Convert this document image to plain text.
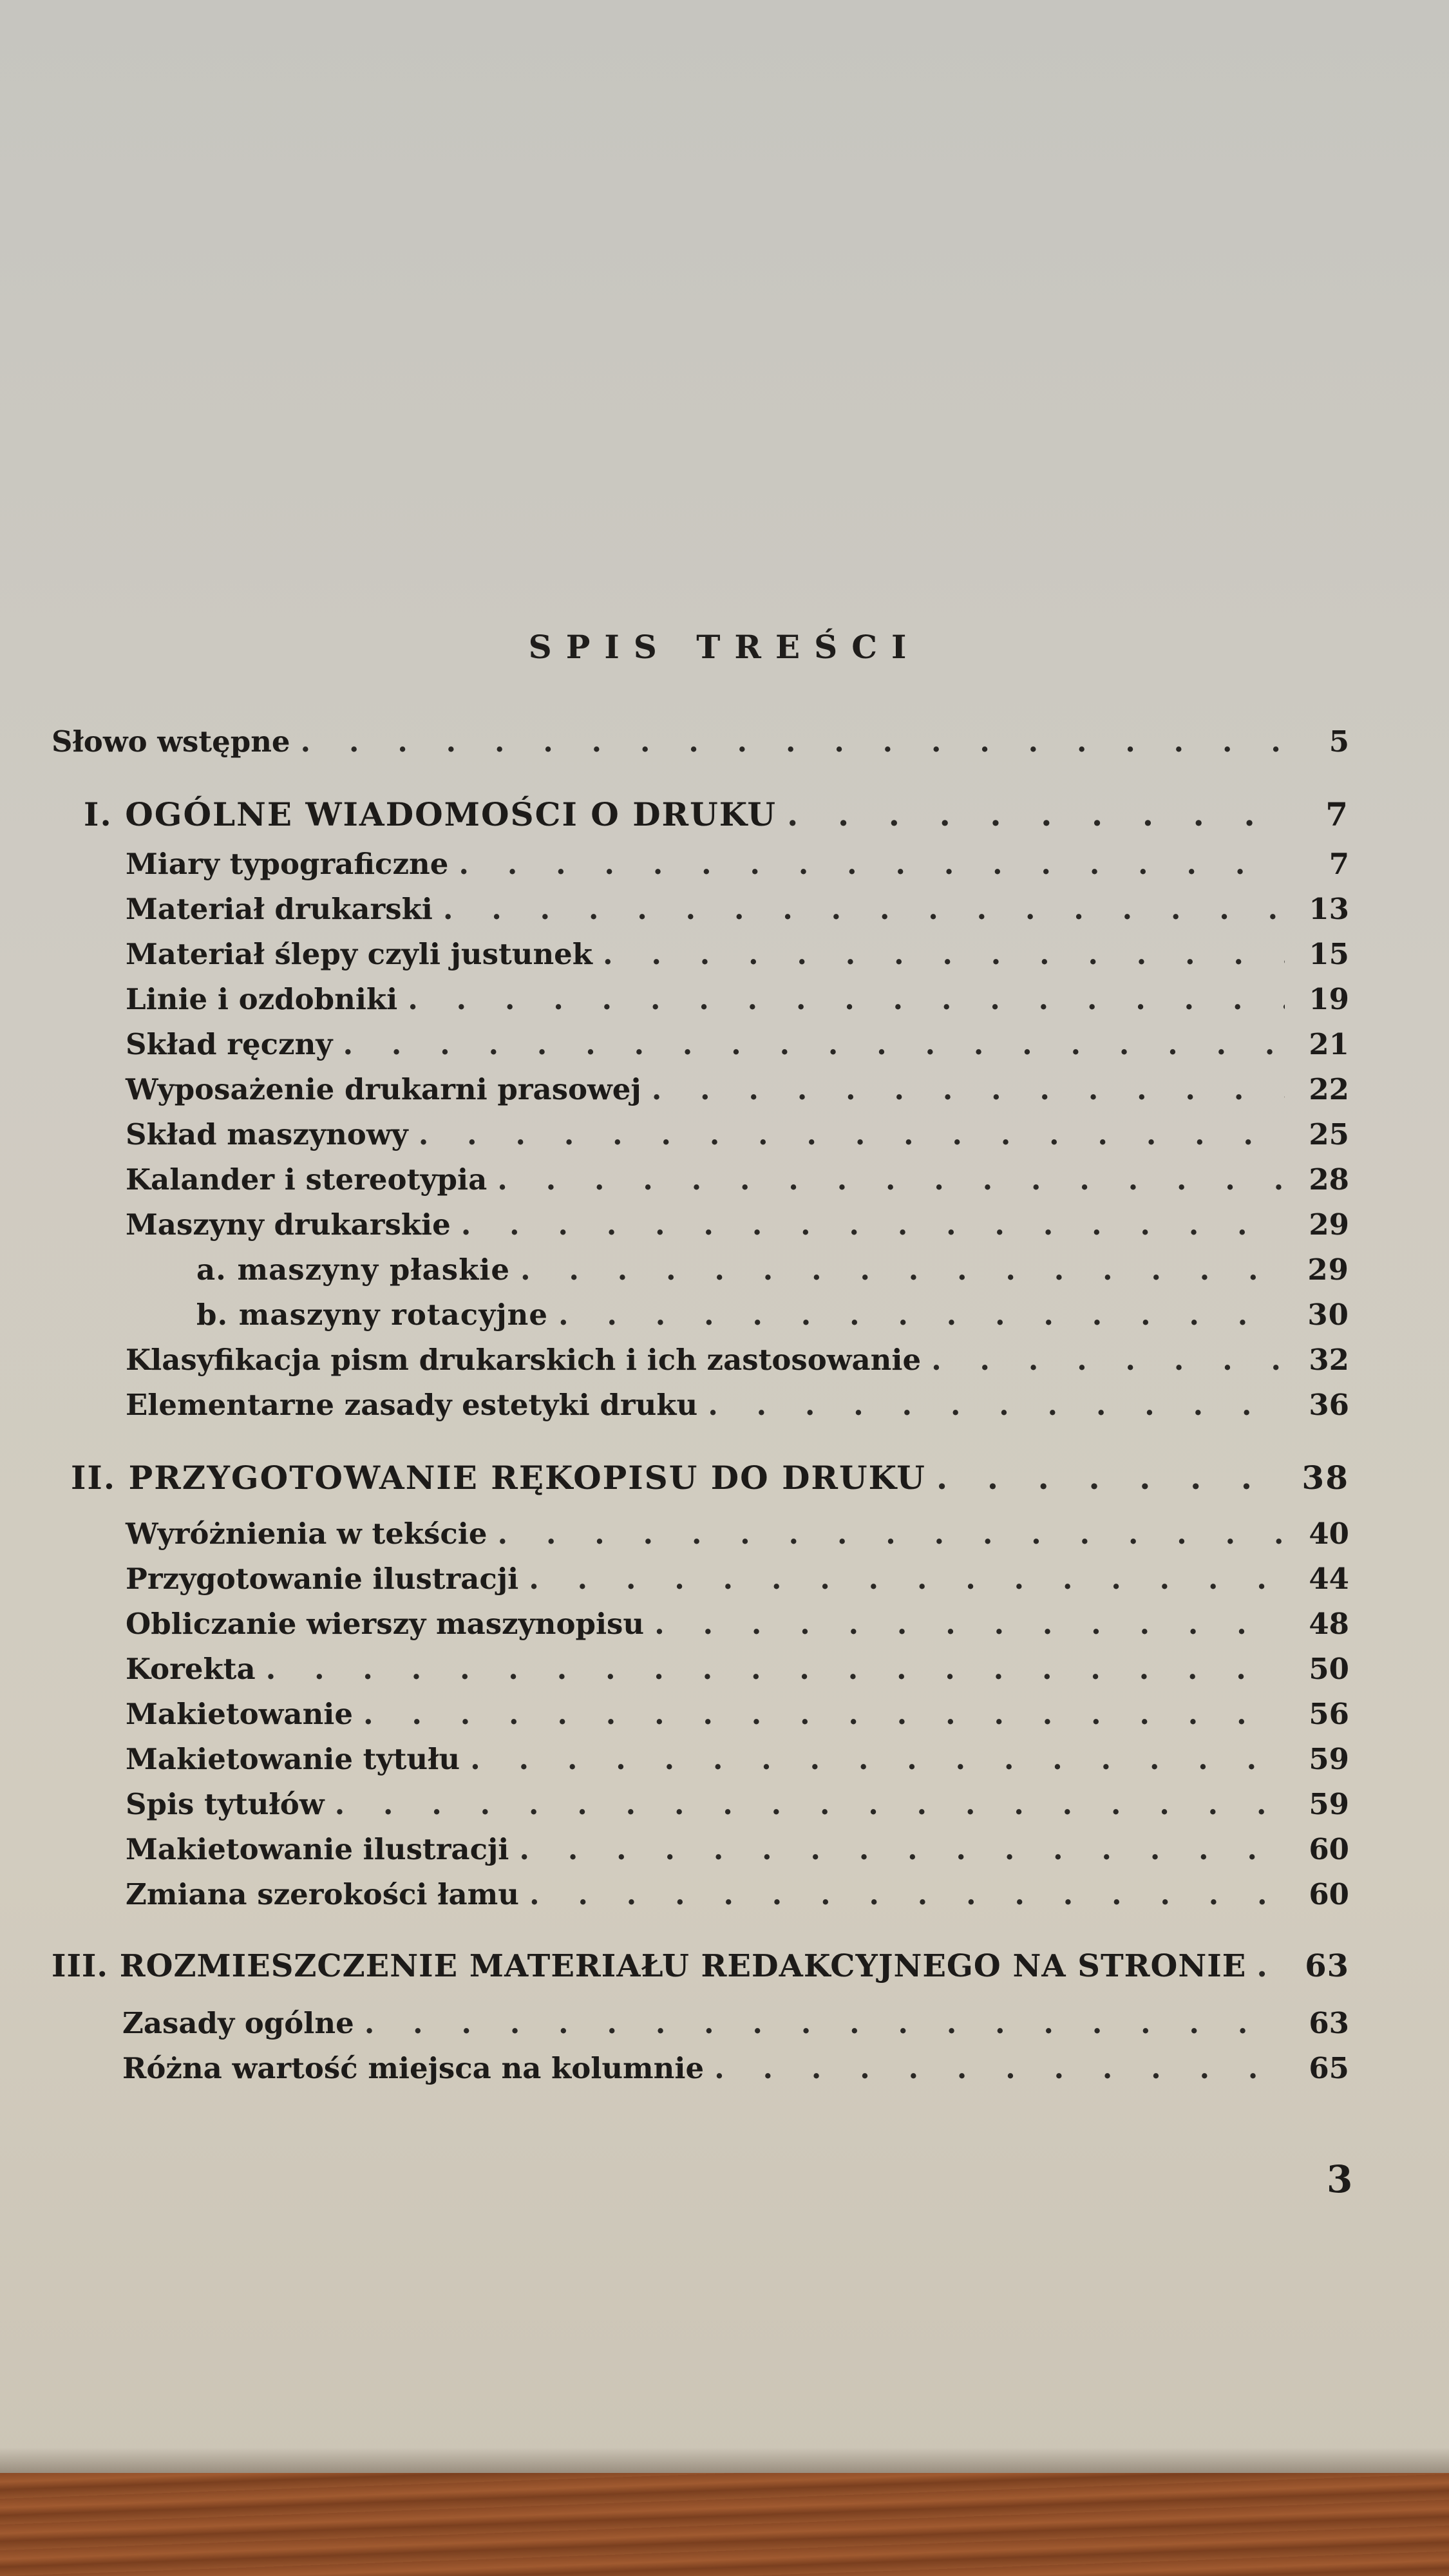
SPIS TREŚCI
Słowo wstępne . . .	5
I. OGÓLNE WIADOMOŚCI O DRUKU . . .	7
Miary typograficzne . . .	7
Materiał drukarski . . .	13
Materiał ślepy czyli justunek . . .	15
Linie i ozdobniki . . .	19
Skład ręczny . . .	21
Wyposażenie drukarni prasowej . . .	22
Skład maszynowy . . .	25
Kalander i stereotypia . . .	28
Maszyny drukarskie . . .	29
a. maszyny płaskie . . .	29
b. maszyny rotacyjne . . .	30
Klasyfikacja pism drukarskich i ich zastosowanie . . .	32
Elementarne zasady estetyki druku . . .	36
II. PRZYGOTOWANIE RĘKOPISU DO DRUKU . . .	38
Wyróżnienia w tekście . . .	40
Przygotowanie ilustracji . . .	44
Obliczanie wierszy maszynopisu . . .	48
Korekta . . .	50
Makietowanie . . .	56
Makietowanie tytułu . . .	59
Spis tytułów . . .	59
Makietowanie ilustracji . . .	60
Zmiana szerokości łamu . . .	60
III. ROZMIESZCZENIE MATERIAŁU REDAKCYJNEGO NA STRONIE . . . 63
Zasady ogólne . . .	63
Różna wartość miejsca na kolumnie . . .	65
3
